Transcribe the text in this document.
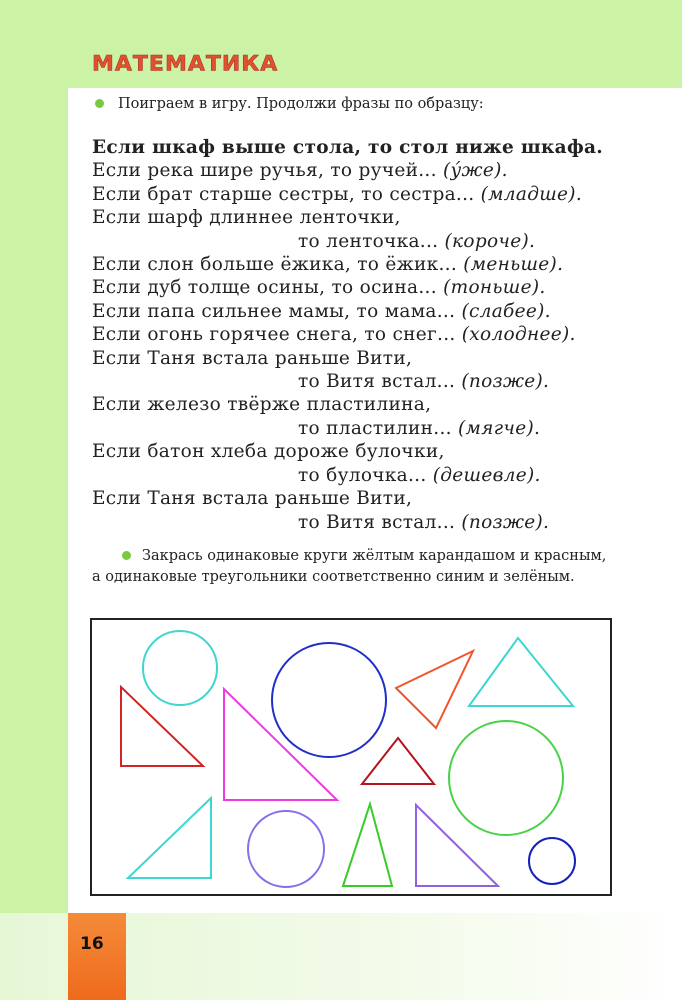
16
МАТЕМАТИКА
Поиграем в игру. Продолжи фразы по образцу:
Если шкаф выше стола, то стол ниже шкафа.
Если река шире ручья, то ручей... (у́же).
Если брат старше сестры, то сестра... (младше).
Если шарф длиннее ленточки,
то ленточка... (короче).
Если слон больше ёжика, то ёжик... (меньше).
Если дуб толще осины, то осина... (тоньше).
Если папа сильнее мамы, то мама... (слабее).
Если огонь горячее снега, то снег... (холоднее).
Если Таня встала раньше Вити,
то Витя встал... (позже).
Если железо твёрже пластилина,
то пластилин... (мягче).
Если батон хлеба дороже булочки,
то булочка... (дешевле).
Если Таня встала раньше Вити,
то Витя встал... (позже).
Закрась одинаковые круги жёлтым карандашом и красным,
а одинаковые треугольники соответственно синим и зелёным.
